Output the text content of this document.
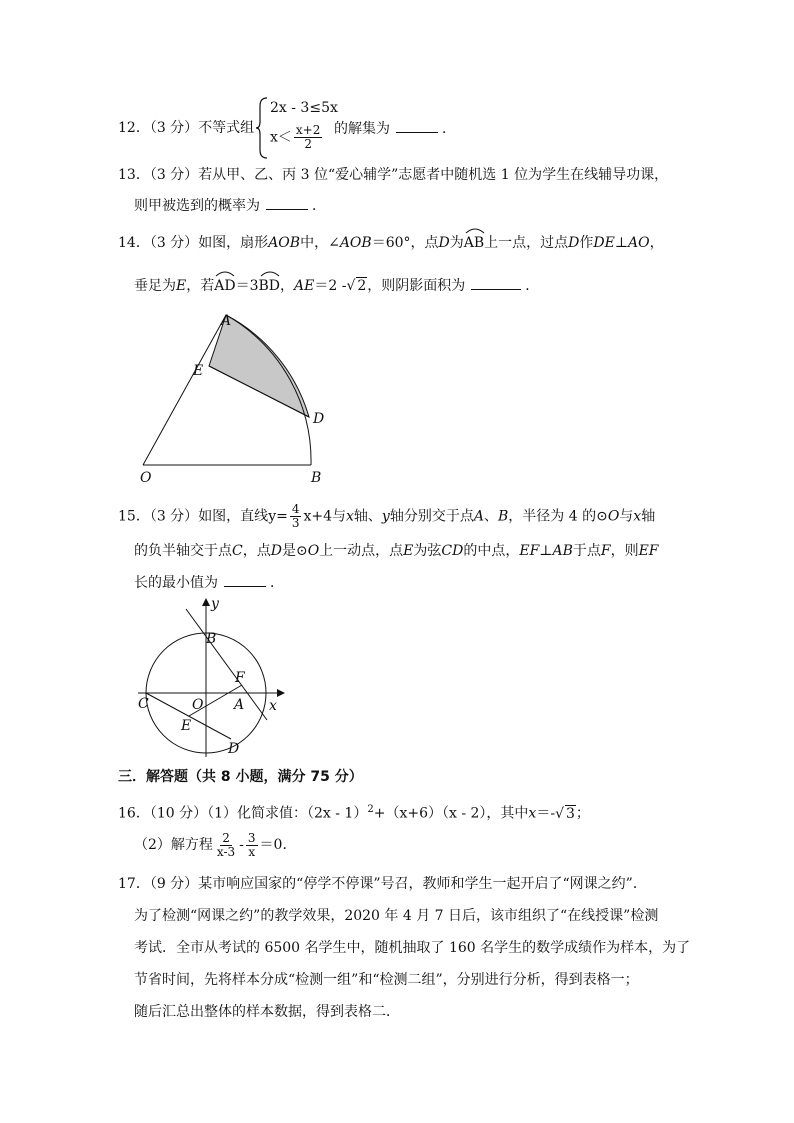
12．（3 分）不等式组
2x - 3≤5x
$x< \frac{x+2}{2}$ 的解集为	．
13．（3 分）若从甲、乙、丙 3 位“爱心辅学”志愿者中随机选 1 位为学生在线辅导功课，
则甲被选到的概率为	．
14．（3 分）如图，扇形AOB中，∠AOB＝60°，点D为
AB上一点，过点D作DE⊥AO，
垂足为E，若
AD＝3
BD，AE＝2 -√ 2，则阴影面积为	．
A
E
D
O	B
15．（3 分）如图，直线$y= \frac{4}{3} x+4$与x轴、y轴分别交于点A、B，半径为 4 的⊙O与x轴
的负半轴交于点C，点D是⊙O上一动点，点E为弦CD的中点，EF⊥AB于点F，则EF
长的最小值为	．
y
x
B
F
C	O A
E
D
三．解答题（共 8 小题，满分 75 分）
16．（10 分）（1）化简求值：（2x - 1）$^2$+（x+6）（x - 2），其中x＝-√ 3；
（2）解方程 $\frac{2}{x-3} - \frac{3}{x} =0$．
17．（9 分）某市响应国家的“停学不停课”号召，教师和学生一起开启了“网课之约”．
为了检测“网课之约”的教学效果，2020 年 4 月 7 日后，该市组织了“在线授课”检测
考试．全市从考试的 6500 名学生中，随机抽取了 160 名学生的数学成绩作为样本，为了
节省时间，先将样本分成“检测一组”和“检测二组”，分别进行分析，得到表格一；
随后汇总出整体的样本数据，得到表格二．
